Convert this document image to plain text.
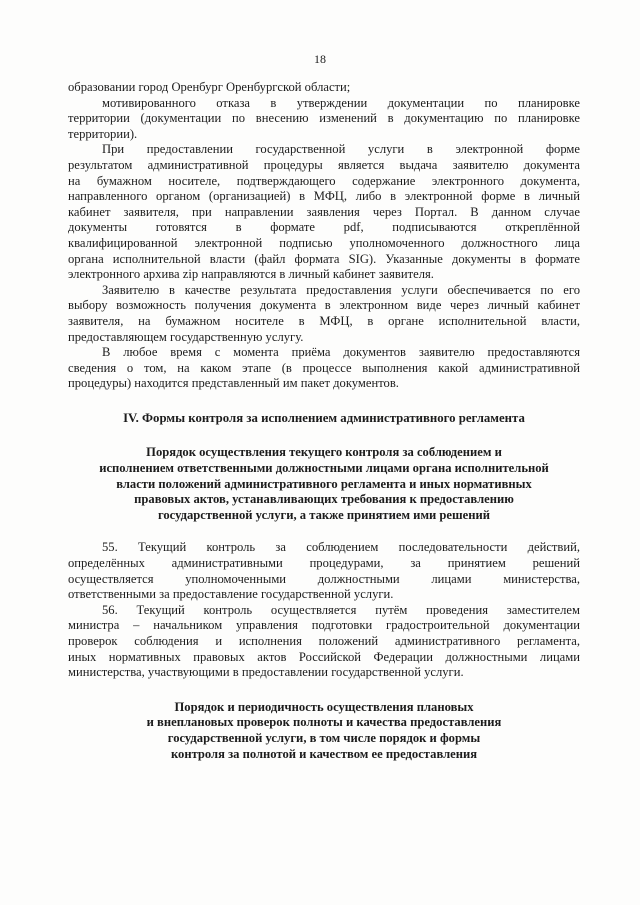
18

образовании город Оренбург Оренбургской области;

мотивированного отказа в утверждении документации по планировке

территории (документации по внесению изменений в документацию по планировке

территории).

При предоставлении государственной услуги в электронной форме

результатом административной процедуры является выдача заявителю документа

на бумажном носителе, подтверждающего содержание электронного документа,

направленного органом (организацией) в МФЦ, либо в электронной форме в личный

кабинет заявителя, при направлении заявления через Портал. В данном случае

документы готовятся в формате pdf, подписываются откреплённой

квалифицированной электронной подписью уполномоченного должностного лица

органа исполнительной власти (файл формата SIG). Указанные документы в формате

электронного архива zip направляются в личный кабинет заявителя.

Заявителю в качестве результата предоставления услуги обеспечивается по его

выбору возможность получения документа в электронном виде через личный кабинет

заявителя, на бумажном носителе в МФЦ, в органе исполнительной власти,

предоставляющем государственную услугу.

В любое время с момента приёма документов заявителю предоставляются

сведения о том, на каком этапе (в процессе выполнения какой административной

процедуры) находится представленный им пакет документов.

IV. Формы контроля за исполнением административного регламента

Порядок осуществления текущего контроля за соблюдением и

исполнением ответственными должностными лицами органа исполнительной

власти положений административного регламента и иных нормативных

правовых актов, устанавливающих требования к предоставлению

государственной услуги, а также принятием ими решений

55. Текущий контроль за соблюдением последовательности действий,

определённых административными процедурами, за принятием решений

осуществляется уполномоченными должностными лицами министерства,

ответственными за предоставление государственной услуги.

56. Текущий контроль осуществляется путём проведения заместителем

министра – начальником управления подготовки градостроительной документации

проверок соблюдения и исполнения положений административного регламента,

иных нормативных правовых актов Российской Федерации должностными лицами

министерства, участвующими в предоставлении государственной услуги.

Порядок и периодичность осуществления плановых

и внеплановых проверок полноты и качества предоставления

государственной услуги, в том числе порядок и формы

контроля за полнотой и качеством ее предоставления
